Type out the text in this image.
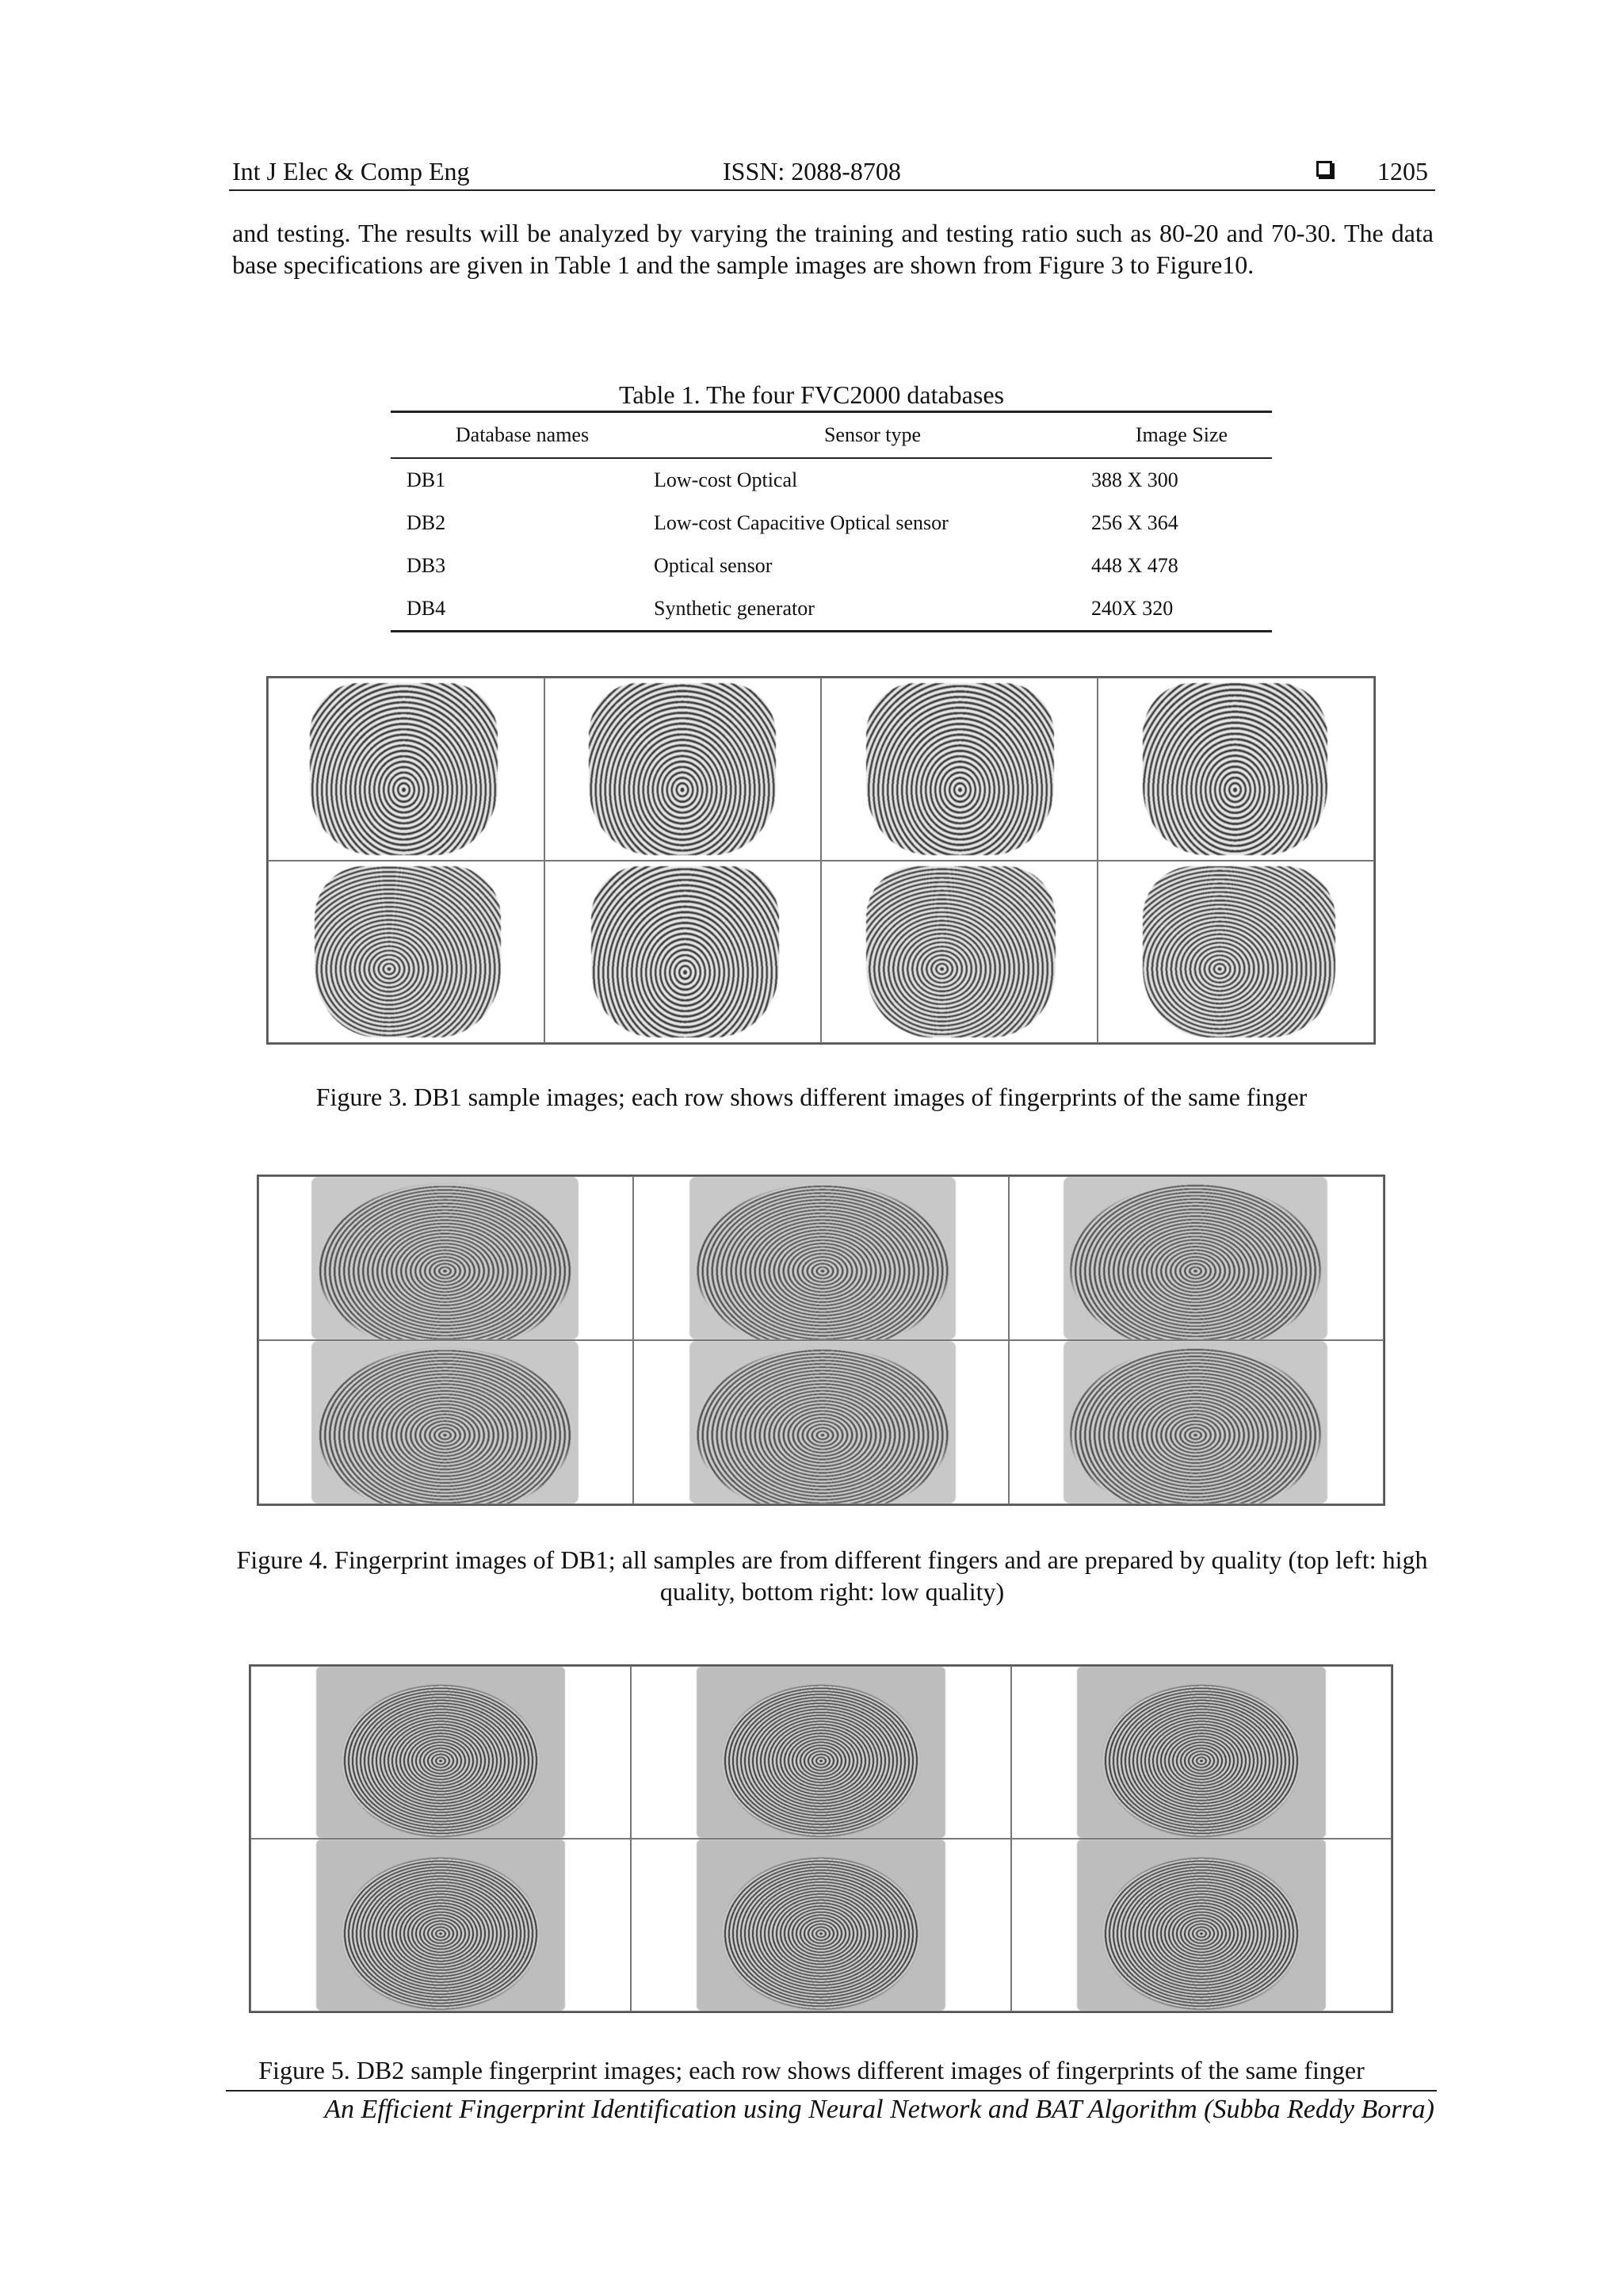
Int J Elec & Comp Eng	ISSN: 2088-8708	1205

and testing. The results will be analyzed by varying the training and testing ratio such as 80-20 and 70-30. The data base specifications are given in Table 1 and the sample images are shown from Figure 3 to Figure10.

Table 1. The four FVC2000 databases
Database names	Sensor type	Image Size
DB1	Low-cost Optical	388 X 300
DB2	Low-cost Capacitive Optical sensor	256 X 364
DB3	Optical sensor	448 X 478
DB4	Synthetic generator	240X 320
Figure 3. DB1 sample images; each row shows different images of fingerprints of the same finger
Figure 4. Fingerprint images of DB1; all samples are from different fingers and are prepared by quality (top left: high quality, bottom right: low quality)
Figure 5. DB2 sample fingerprint images; each row shows different images of fingerprints of the same finger
An Efficient Fingerprint Identification using Neural Network and BAT Algorithm (Subba Reddy Borra)
